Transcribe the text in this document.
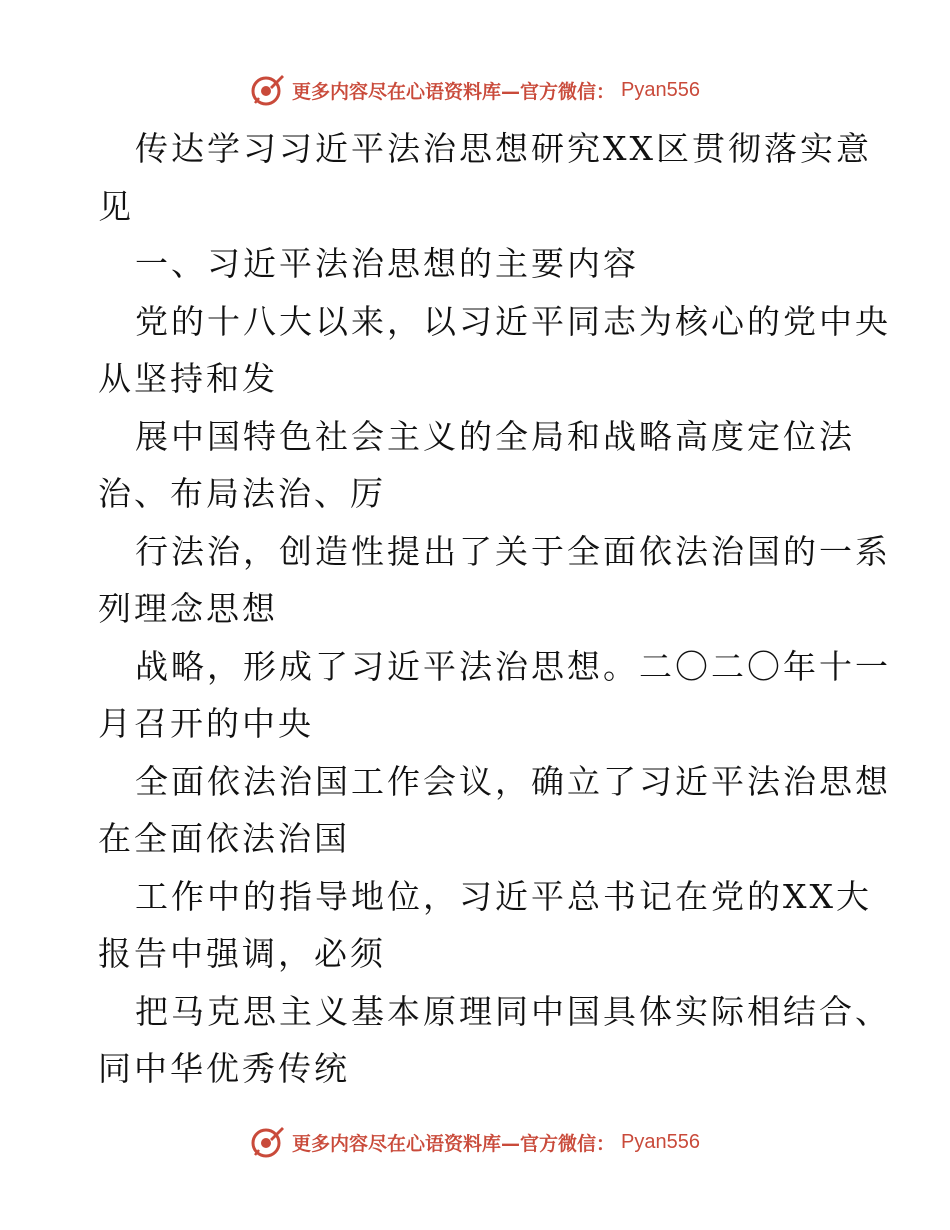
更多内容尽在心语资料库—官方微信： Pyan556

传达学习习近平法治思想研究XX区贯彻落实意

见

一、习近平法治思想的主要内容

党的十八大以来，以习近平同志为核心的党中央

从坚持和发

展中国特色社会主义的全局和战略高度定位法

治、布局法治、厉

行法治，创造性提出了关于全面依法治国的一系

列理念思想

战略，形成了习近平法治思想。二〇二〇年十一

月召开的中央

全面依法治国工作会议，确立了习近平法治思想

在全面依法治国

工作中的指导地位，习近平总书记在党的XX大

报告中强调，必须

把马克思主义基本原理同中国具体实际相结合、

同中华优秀传统

更多内容尽在心语资料库—官方微信： Pyan556
